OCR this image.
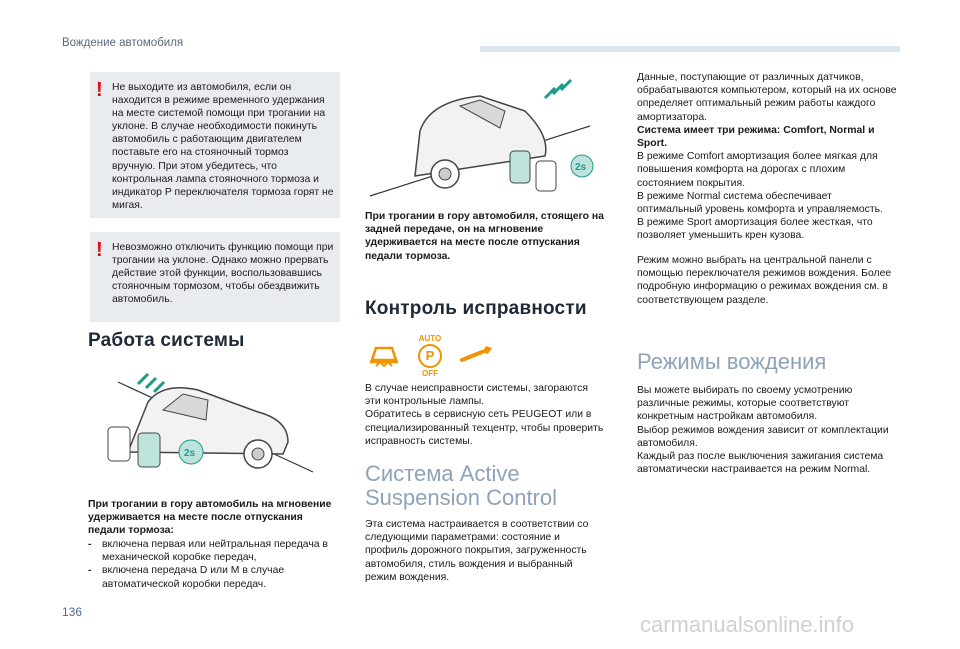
Вождение автомобиля
! Не выходите из автомобиля, если он находится в режиме временного удержания на месте системой помощи при трогании на уклоне. В случае необходимости покинуть автомобиль с работающим двигателем поставьте его на стояночный тормоз вручную. При этом убедитесь, что контрольная лампа стояночного тормоза и индикатор P переключателя тормоза горят не мигая.
! Невозможно отключить функцию помощи при трогании на уклоне. Однако можно прервать действие этой функции, воспользовавшись стояночным тормозом, чтобы обездвижить автомобиль.
Работа системы
2s
При трогании в гору автомобиль на мгновение удерживается на месте после отпускания педали тормоза:
- включена первая или нейтральная передача в механической коробке передач,
- включена передача D или M в случае автоматической коробки передач.
2s
При трогании в гору автомобиля, стоящего на задней передаче, он на мгновение удерживается на месте после отпускания педали тормоза.
Контроль исправности
AUTO
P
OFF

В случае неисправности системы, загораются эти контрольные лампы.

Обратитесь в сервисную сеть PEUGEOT или в специализированный техцентр, чтобы проверить исправность системы.

Система Active
Suspension Control
Эта система настраивается в соответствии со следующими параметрами: состояние и профиль дорожного покрытия, загруженность автомобиля, стиль вождения и выбранный режим вождения.

Данные, поступающие от различных датчиков, обрабатываются компьютером, который на их основе определяет оптимальный режим работы каждого амортизатора.

Система имеет три режима: Comfort, Normal и Sport.

В режиме Comfort амортизация более мягкая для повышения комфорта на дорогах с плохим состоянием покрытия.

В режиме Normal система обеспечивает оптимальный уровень комфорта и управляемость.

В режиме Sport амортизация более жесткая, что позволяет уменьшить крен кузова.

Режим можно выбрать на центральной панели с помощью переключателя режимов вождения. Более подробную информацию о режимах вождения см. в соответствующем разделе.
Режимы вождения

Вы можете выбирать по своему усмотрению различные режимы, которые соответствуют конкретным настройкам автомобиля.

Выбор режимов вождения зависит от комплектации автомобиля.

Каждый раз после выключения зажигания система автоматически настраивается на режим Normal.

136	carmanualsonline.info
